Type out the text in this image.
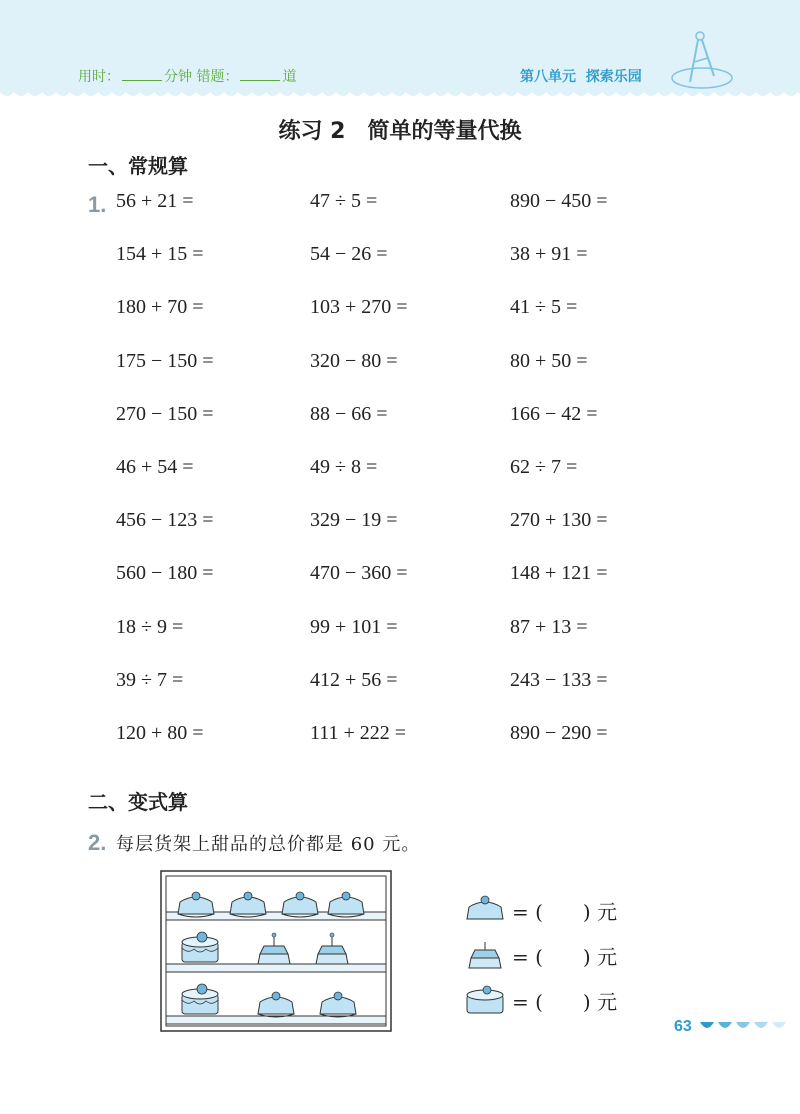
用时：	分钟 错题：	道	第八单元 探索乐园
练习 2　简单的等量代换
一、常规算
1. 56 + 21 =	47 ÷ 5 =	890 − 450 =
154 + 15 =	54 − 26 =	38 + 91 =
180 + 70 =	103 + 270 =	41 ÷ 5 =
175 − 150 =	320 − 80 =	80 + 50 =
270 − 150 =	88 − 66 =	166 − 42 =
46 + 54 =	49 ÷ 8 =	62 ÷ 7 =
456 − 123 =	329 − 19 =	270 + 130 =
560 − 180 =	470 − 360 =	148 + 121 =
18 ÷ 9 =	99 + 101 =	87 + 13 =
39 ÷ 7 =	412 + 56 =	243 − 133 =
120 + 80 =	111 + 222 =	890 − 290 =
二、变式算
2. 每层货架上甜品的总价都是 60 元。
= (　　) 元
= (　　) 元
= (　　) 元
63
